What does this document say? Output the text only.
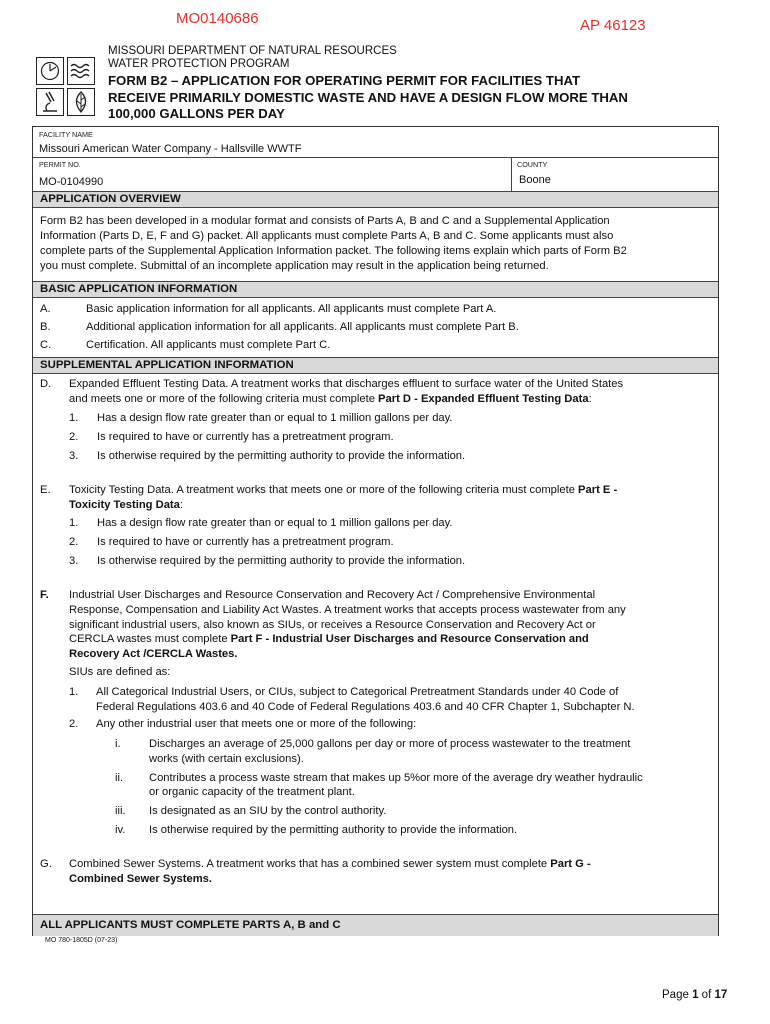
MO0140686	AP 46123
MISSOURI DEPARTMENT OF NATURAL RESOURCES
WATER PROTECTION PROGRAM
FORM B2 – APPLICATION FOR OPERATING PERMIT FOR FACILITIES THAT
RECEIVE PRIMARILY DOMESTIC WASTE AND HAVE A DESIGN FLOW MORE THAN
100,000 GALLONS PER DAY
FACILITY NAME
Missouri American Water Company - Hallsville WWTF
PERMIT NO.
MO-0104990
COUNTY
Boone
APPLICATION OVERVIEW
Form B2 has been developed in a modular format and consists of Parts A, B and C and a Supplemental Application
Information (Parts D, E, F and G) packet. All applicants must complete Parts A, B and C. Some applicants must also
complete parts of the Supplemental Application Information packet. The following items explain which parts of Form B2
you must complete. Submittal of an incomplete application may result in the application being returned.
BASIC APPLICATION INFORMATION
A.	Basic application information for all applicants. All applicants must complete Part A.
B.	Additional application information for all applicants. All applicants must complete Part B.
C.	Certification. All applicants must complete Part C.
SUPPLEMENTAL APPLICATION INFORMATION
D. Expanded Effluent Testing Data. A treatment works that discharges effluent to surface water of the United States
and meets one or more of the following criteria must complete Part D - Expanded Effluent Testing Data:
1. Has a design flow rate greater than or equal to 1 million gallons per day.
2. Is required to have or currently has a pretreatment program.
3. Is otherwise required by the permitting authority to provide the information.
E. Toxicity Testing Data. A treatment works that meets one or more of the following criteria must complete Part E -
Toxicity Testing Data:
1. Has a design flow rate greater than or equal to 1 million gallons per day.
2. Is required to have or currently has a pretreatment program.
3. Is otherwise required by the permitting authority to provide the information.
F. Industrial User Discharges and Resource Conservation and Recovery Act / Comprehensive Environmental
Response, Compensation and Liability Act Wastes. A treatment works that accepts process wastewater from any
significant industrial users, also known as SIUs, or receives a Resource Conservation and Recovery Act or
CERCLA wastes must complete Part F - Industrial User Discharges and Resource Conservation and
Recovery Act /CERCLA Wastes.
SIUs are defined as:
1. All Categorical Industrial Users, or CIUs, subject to Categorical Pretreatment Standards under 40 Code of
Federal Regulations 403.6 and 40 Code of Federal Regulations 403.6 and 40 CFR Chapter 1, Subchapter N.
2. Any other industrial user that meets one or more of the following:
i.	Discharges an average of 25,000 gallons per day or more of process wastewater to the treatment
works (with certain exclusions).
ii. Contributes a process waste stream that makes up 5%or more of the average dry weather hydraulic
or organic capacity of the treatment plant.
iii. Is designated as an SIU by the control authority.
iv. Is otherwise required by the permitting authority to provide the information.
G. Combined Sewer Systems. A treatment works that has a combined sewer system must complete Part G -
Combined Sewer Systems.
ALL APPLICANTS MUST COMPLETE PARTS A, B and C
MO 780-1805D (07-23)
Page 1 of 17
